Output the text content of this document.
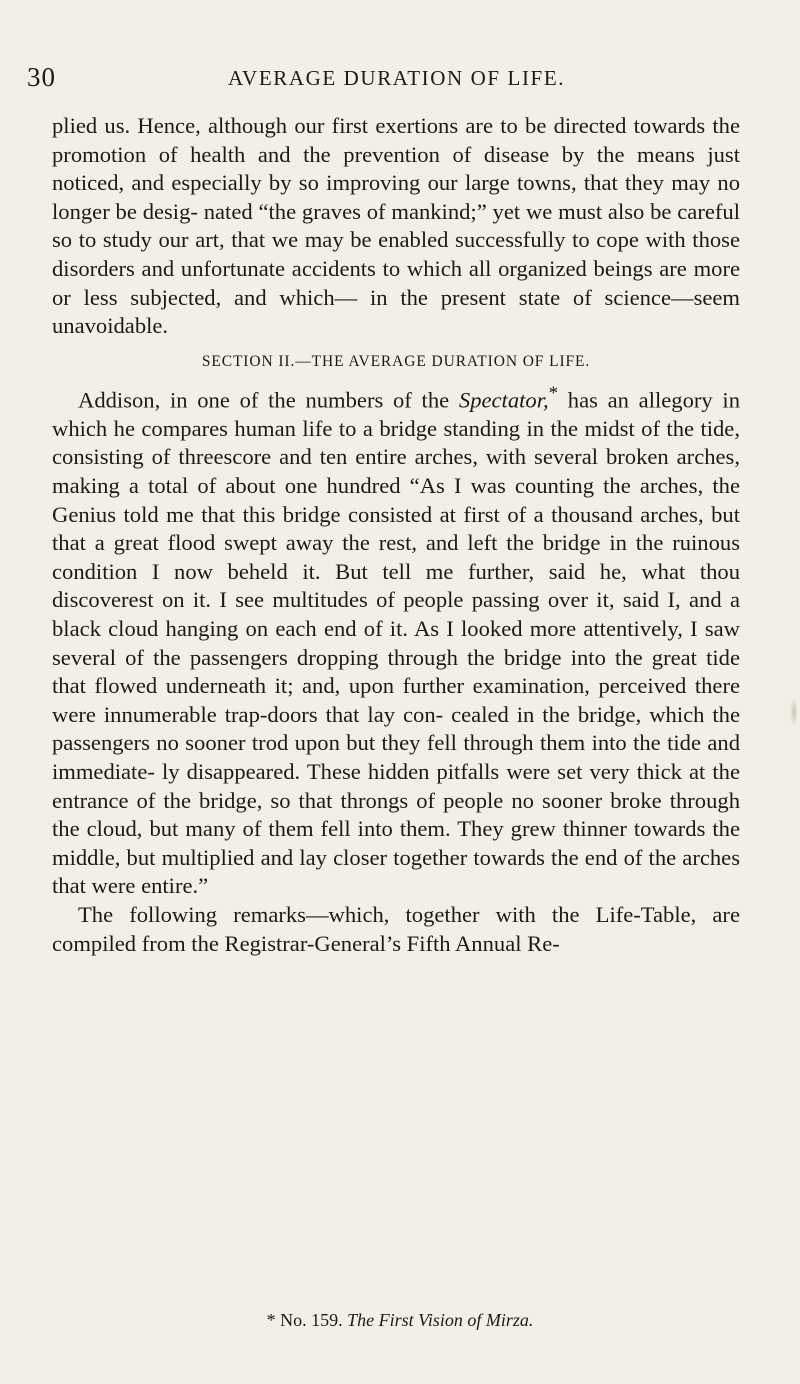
30	AVERAGE DURATION OF LIFE.

plied us. Hence, although our first exertions are to be directed towards the promotion of health and the prevention of disease by the means just noticed, and especially by so improving our large towns, that they may no longer be desig- nated “the graves of mankind;” yet we must also be careful so to study our art, that we may be enabled successfully to cope with those disorders and unfortunate accidents to which all organized beings are more or less subjected, and which— in the present state of science—seem unavoidable.

SECTION II.—THE AVERAGE DURATION OF LIFE.

Addison, in one of the numbers of the Spectator,* has an allegory in which he compares human life to a bridge standing in the midst of the tide, consisting of threescore and ten entire arches, with several broken arches, making a total of about one hundred “As I was counting the arches, the Genius told me that this bridge consisted at first of a thousand arches, but that a great flood swept away the rest, and left the bridge in the ruinous condition I now beheld it. But tell me further, said he, what thou discoverest on it. I see multitudes of people passing over it, said I, and a black cloud hanging on each end of it. As I looked more attentively, I saw several of the passengers dropping through the bridge into the great tide that flowed underneath it; and, upon further examination, perceived there were innumerable trap-doors that lay con- cealed in the bridge, which the passengers no sooner trod upon but they fell through them into the tide and immediate- ly disappeared. These hidden pitfalls were set very thick at the entrance of the bridge, so that throngs of people no sooner broke through the cloud, but many of them fell into them. They grew thinner towards the middle, but multiplied and lay closer together towards the end of the arches that were entire.”

The following remarks—which, together with the Life-Table, are compiled from the Registrar-General’s Fifth Annual Re-

* No. 159. The First Vision of Mirza.
